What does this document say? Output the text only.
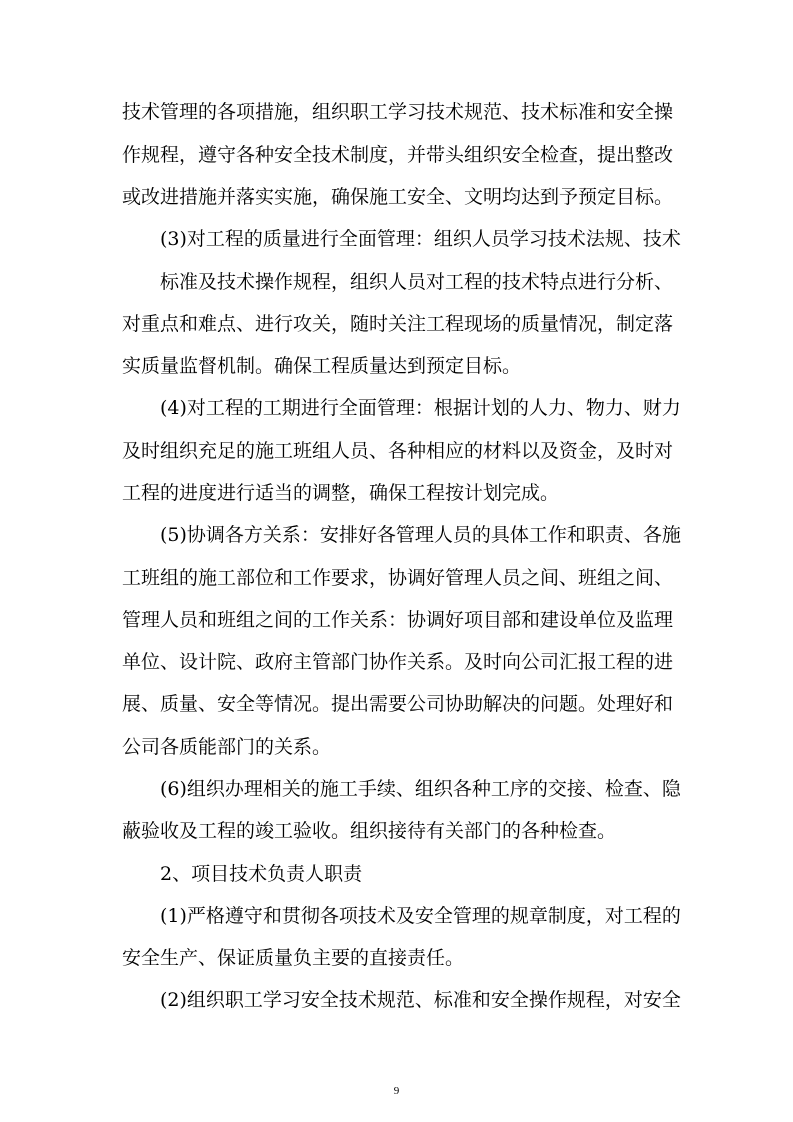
技术管理的各项措施，组织职工学习技术规范、技术标准和安全操
作规程，遵守各种安全技术制度，并带头组织安全检查，提出整改
或改进措施并落实实施，确保施工安全、文明均达到予预定目标。
(3)对工程的质量进行全面管理：组织人员学习技术法规、技术
标准及技术操作规程，组织人员对工程的技术特点进行分析、
对重点和难点、进行攻关，随时关注工程现场的质量情况，制定落
实质量监督机制。确保工程质量达到预定目标。
(4)对工程的工期进行全面管理：根据计划的人力、物力、财力
及时组织充足的施工班组人员、各种相应的材料以及资金，及时对
工程的进度进行适当的调整，确保工程按计划完成。
(5)协调各方关系：安排好各管理人员的具体工作和职责、各施
工班组的施工部位和工作要求，协调好管理人员之间、班组之间、
管理人员和班组之间的工作关系：协调好项目部和建设单位及监理
单位、设计院、政府主管部门协作关系。及时向公司汇报工程的进
展、质量、安全等情况。提出需要公司协助解决的问题。处理好和
公司各质能部门的关系。
(6)组织办理相关的施工手续、组织各种工序的交接、检查、隐
蔽验收及工程的竣工验收。组织接待有关部门的各种检查。
2、项目技术负责人职责
(1)严格遵守和贯彻各项技术及安全管理的规章制度，对工程的
安全生产、保证质量负主要的直接责任。
(2)组织职工学习安全技术规范、标准和安全操作规程，对安全
9
